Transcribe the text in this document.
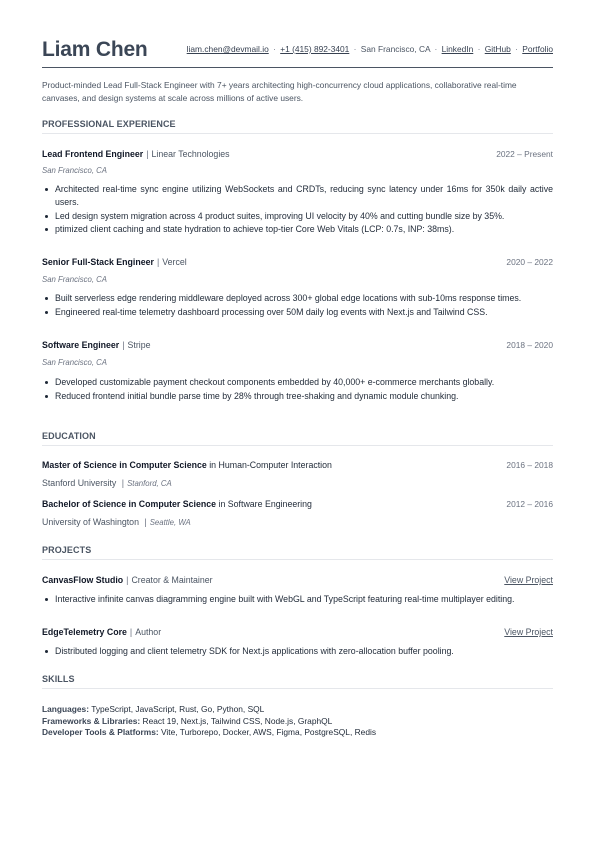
Liam Chen	liam.chen@devmail.io · +1 (415) 892-3401 · San Francisco, CA · LinkedIn · GitHub · Portfolio
Product-minded Lead Full-Stack Engineer with 7+ years architecting high-concurrency cloud applications, collaborative real-time canvases, and design systems at scale across millions of active users.
PROFESSIONAL EXPERIENCE
Lead Frontend Engineer | Linear Technologies	2022 – Present
San Francisco, CA
Architected real-time sync engine utilizing WebSockets and CRDTs, reducing sync latency under 16ms for 350k daily active users.
Led design system migration across 4 product suites, improving UI velocity by 40% and cutting bundle size by 35%.
ptimized client caching and state hydration to achieve top-tier Core Web Vitals (LCP: 0.7s, INP: 38ms).
Senior Full-Stack Engineer | Vercel	2020 – 2022
San Francisco, CA
Built serverless edge rendering middleware deployed across 300+ global edge locations with sub-10ms response times.
Engineered real-time telemetry dashboard processing over 50M daily log events with Next.js and Tailwind CSS.
Software Engineer | Stripe	2018 – 2020
San Francisco, CA
Developed customizable payment checkout components embedded by 40,000+ e-commerce merchants globally.
Reduced frontend initial bundle parse time by 28% through tree-shaking and dynamic module chunking.
EDUCATION
Master of Science in Computer Science in Human-Computer Interaction	2016 – 2018
Stanford University | Stanford, CA
Bachelor of Science in Computer Science in Software Engineering	2012 – 2016
University of Washington | Seattle, WA
PROJECTS
CanvasFlow Studio | Creator & Maintainer	View Project
Interactive infinite canvas diagramming engine built with WebGL and TypeScript featuring real-time multiplayer editing.
EdgeTelemetry Core | Author	View Project
Distributed logging and client telemetry SDK for Next.js applications with zero-allocation buffer pooling.
SKILLS
Languages: TypeScript, JavaScript, Rust, Go, Python, SQL
Frameworks & Libraries: React 19, Next.js, Tailwind CSS, Node.js, GraphQL
Developer Tools & Platforms: Vite, Turborepo, Docker, AWS, Figma, PostgreSQL, Redis
